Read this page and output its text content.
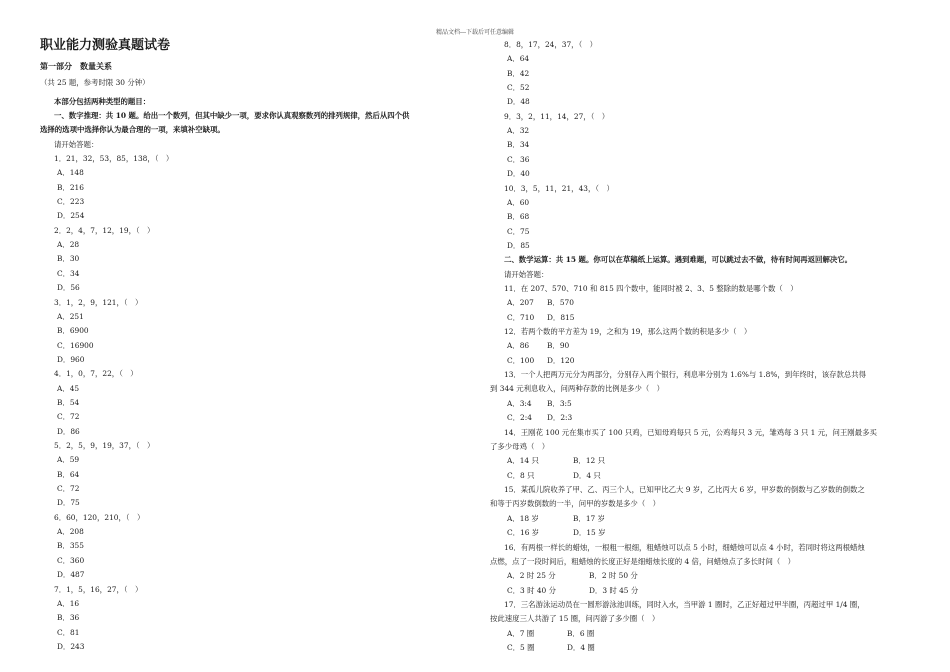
精品文档---下载后可任意编辑
职业能力测验真题试卷
第一部分　数量关系
（共 25 题，参考时限 30 分钟）
本部分包括两种类型的题目：
一、数字推理：共 10 题。给出一个数列，但其中缺少一项，要求你认真观察数列的排列规律，然后从四个供
选择的选项中选择你认为最合理的一项，来填补空缺项。
请开始答题：
1．21，32，53，85，138，（　）
A．148
B．216
C．223
D．254
2．2，4，7，12，19，（　）
A．28
B．30
C．34
D．56
3．1，2，9，121，（　）
A．251
B．6900
C．16900
D．960
4．1，0，7，22，（　）
A．45
B．54
C．72
D．86
5．2，5，9，19，37，（　）
A．59
B．64
C．72
D．75
6．60，120，210，（　）
A．208
B．355
C．360
D．487
7．1，5，16，27，（　）
A．16
B．36
C．81
D．243
8．8，17，24，37，（　）
A．64
B．42
C．52
D．48
9．3，2，11，14，27，（　）
A．32
B．34
C．36
D．40
10．3，5，11，21，43，（　）
A．60
B．68
C．75
D．85
二、数学运算：共 15 题。你可以在草稿纸上运算。遇到难题，可以跳过去不做，待有时间再返回解决它。
请开始答题：
11．在 207、570、710 和 815 四个数中，能同时被 2、3、5 整除的数是哪个数（　）
A．207 B．570
C．710 D．815
12．若两个数的平方差为 19，之和为 19，那么这两个数的积是多少（　）
A．86 B．90
C．100 D．120
13．一个人把两万元分为两部分，分别存入两个银行，利息率分别为 1.6%与 1.8%，到年终时，该存款总共得
到 344 元利息收入，问两种存款的比例是多少（　）
A．3:4 B．3:5
C．2:4 D．2:3
14．王刚花 100 元在集市买了 100 只鸡，已知母鸡每只 5 元，公鸡每只 3 元，雏鸡每 3 只 1 元，问王刚最多买
了多少母鸡（　）
A．14 只	B．12 只
C．8 只	D．4 只
15．某孤儿院收养了甲、乙、丙三个人，已知甲比乙大 9 岁，乙比丙大 6 岁，甲岁数的倒数与乙岁数的倒数之
和等于丙岁数倒数的一半，问甲的岁数是多少（　）
A．18 岁	B．17 岁
C．16 岁	D．15 岁
16．有两根一样长的蜡烛，一根粗一根细，粗蜡烛可以点 5 小时，细蜡烛可以点 4 小时，若同时将这两根蜡烛
点燃，点了一段时间后，粗蜡烛的长度正好是细蜡烛长度的 4 倍，问蜡烛点了多长时间（　）
A．2 时 25 分	B．2 时 50 分
C．3 时 40 分	D．3 时 45 分
17．三名游泳运动员在一圆形游泳池训练，同时入水，当甲游 1 圈时，乙正好超过甲半圈，丙超过甲 1/4 圈，
按此速度三人共游了 15 圈，问丙游了多少圈（　）
A．7 圈	B．6 圈
C．5 圈	D．4 圈
